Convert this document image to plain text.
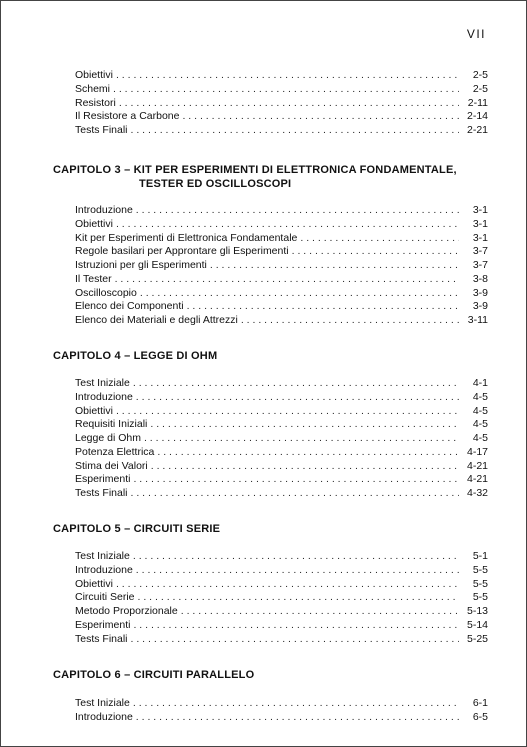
VII
Obiettivi . . .	2-5
Schemi . . .	2-5
Resistori . . .	2-11
Il Resistore a Carbone . . .	2-14
Tests Finali . . .	2-21
CAPITOLO 3 – KIT PER ESPERIMENTI DI ELETTRONICA FONDAMENTALE,
TESTER ED OSCILLOSCOPI
Introduzione . . .	3-1
Obiettivi . . .	3-1
Kit per Esperimenti di Elettronica Fondamentale . . .	3-1
Regole basilari per Approntare gli Esperimenti . . .	3-7
Istruzioni per gli Esperimenti . . .	3-7
Il Tester . . .	3-8
Oscilloscopio . . .	3-9
Elenco dei Componenti . . .	3-9
Elenco dei Materiali e degli Attrezzi . . .	3-11
CAPITOLO 4 – LEGGE DI OHM
Test Iniziale . . .	4-1
Introduzione . . .	4-5
Obiettivi . . .	4-5
Requisiti Iniziali . . .	4-5
Legge di Ohm . . .	4-5
Potenza Elettrica . . .	4-17
Stima dei Valori . . .	4-21
Esperimenti . . .	4-21
Tests Finali . . .	4-32
CAPITOLO 5 – CIRCUITI SERIE
Test Iniziale . . .	5-1
Introduzione . . .	5-5
Obiettivi . . .	5-5
Circuiti Serie . . .	5-5
Metodo Proporzionale . . .	5-13
Esperimenti . . .	5-14
Tests Finali . . .	5-25
CAPITOLO 6 – CIRCUITI PARALLELO
Test Iniziale . . .	6-1
Introduzione . . .	6-5
